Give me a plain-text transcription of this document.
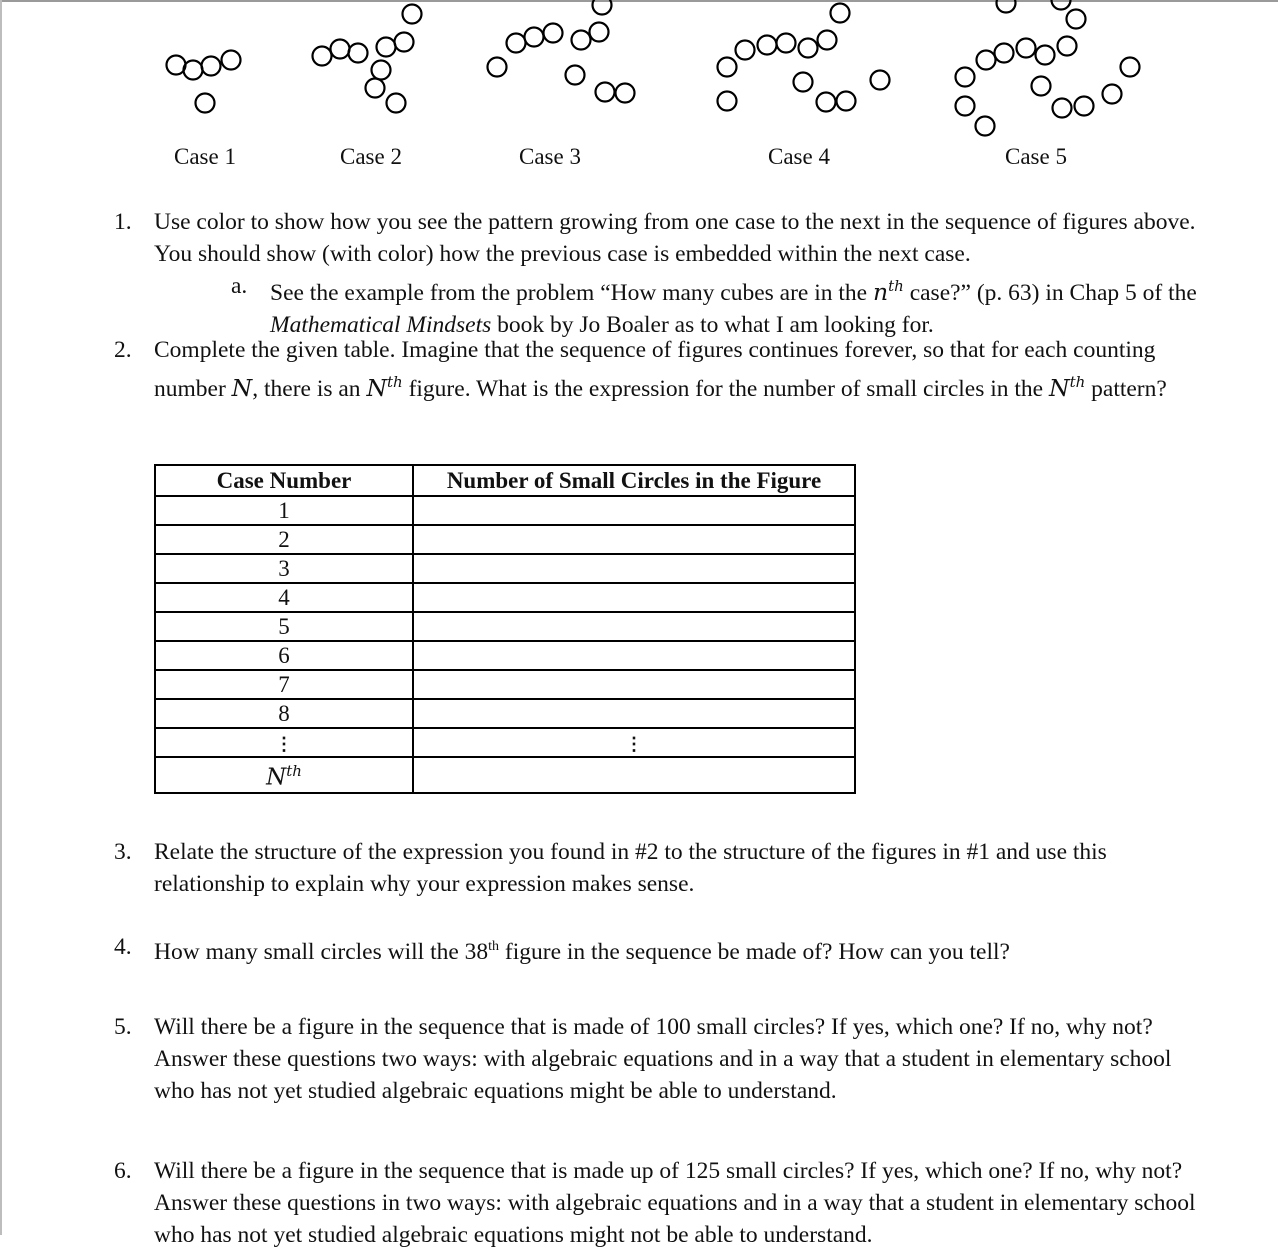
Case 1	Case 2	Case 3	Case 4	Case 5
1. Use color to show how you see the pattern growing from one case to the next in the sequence of figures above. You should show (with color) how the previous case is embedded within the next case.
a. See the example from the problem “How many cubes are in the $n^{th}$ case?” (p. 63) in Chap 5 of the Mathematical Mindsets book by Jo Boaler as to what I am looking for.
2. Complete the given table. Imagine that the sequence of figures continues forever, so that for each counting number N, there is an $N^{th}$ figure. What is the expression for the number of small circles in the $N^{th}$ pattern?
Case Number	Number of Small Circles in the Figure
1	
2	
3	
4	
5	
6	
7	
8	
⋮	⋮
$N^{th}$	
3. Relate the structure of the expression you found in #2 to the structure of the figures in #1 and use this relationship to explain why your expression makes sense.
4. How many small circles will the 38th figure in the sequence be made of? How can you tell?
5. Will there be a figure in the sequence that is made of 100 small circles? If yes, which one? If no, why not? Answer these questions two ways: with algebraic equations and in a way that a student in elementary school who has not yet studied algebraic equations might be able to understand.
6. Will there be a figure in the sequence that is made up of 125 small circles? If yes, which one? If no, why not? Answer these questions in two ways: with algebraic equations and in a way that a student in elementary school who has not yet studied algebraic equations might not be able to understand.
